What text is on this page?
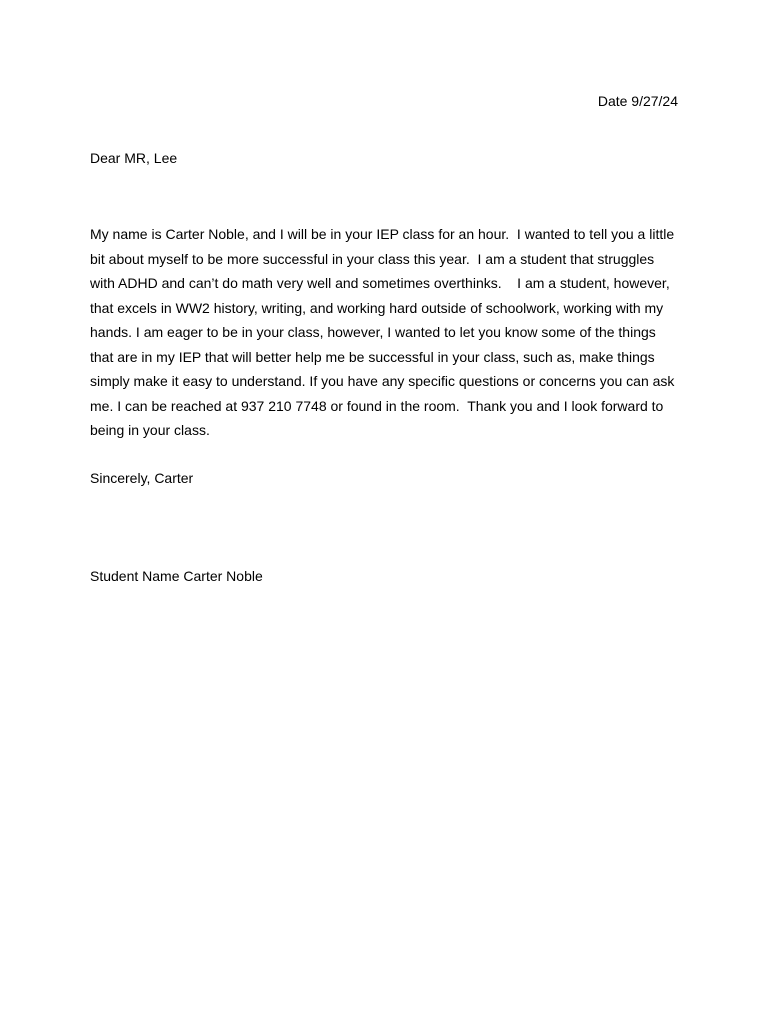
Date 9/27/24
Dear MR, Lee

My name is Carter Noble, and I will be in your IEP class for an hour.  I wanted to tell you a little bit about myself to be more successful in your class this year.  I am a student that struggles with ADHD and can’t do math very well and sometimes overthinks.    I am a student, however, that excels in WW2 history, writing, and working hard outside of schoolwork, working with my hands. I am eager to be in your class, however, I wanted to let you know some of the things that are in my IEP that will better help me be successful in your class, such as, make things simply make it easy to understand. If you have any specific questions or concerns you can ask me. I can be reached at 937 210 7748 or found in the room.  Thank you and I look forward to being in your class.

Sincerely, Carter
Student Name Carter Noble
